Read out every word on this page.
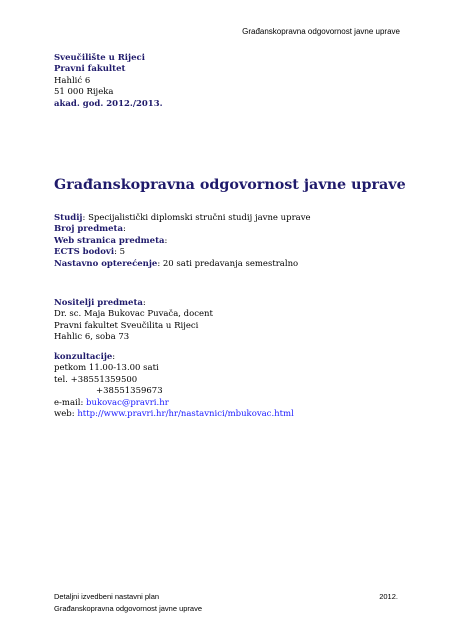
Građanskopravna odgovornost javne uprave
Sveučilište u Rijeci
Pravni fakultet
Hahlić 6
51 000 Rijeka
akad. god. 2012./2013.
Građanskopravna odgovornost javne uprave
Studij: Specijalistički diplomski stručni studij javne uprave
Broj predmeta:
Web stranica predmeta:
ECTS bodovi: 5
Nastavno opterećenje: 20 sati predavanja semestralno
Nositelji predmeta:
Dr. sc. Maja Bukovac Puvača, docent
Pravni fakultet Sveučilita u Rijeci
Hahlic 6, soba 73
konzultacije:
petkom 11.00-13.00 sati
tel. +38551359500
+38551359673
e-mail: bukovac@pravri.hr
web: http://www.pravri.hr/hr/nastavnici/mbukovac.html
Detaljni izvedbeni nastavni plan
Građanskopravna odgovornost javne uprave
2012.
